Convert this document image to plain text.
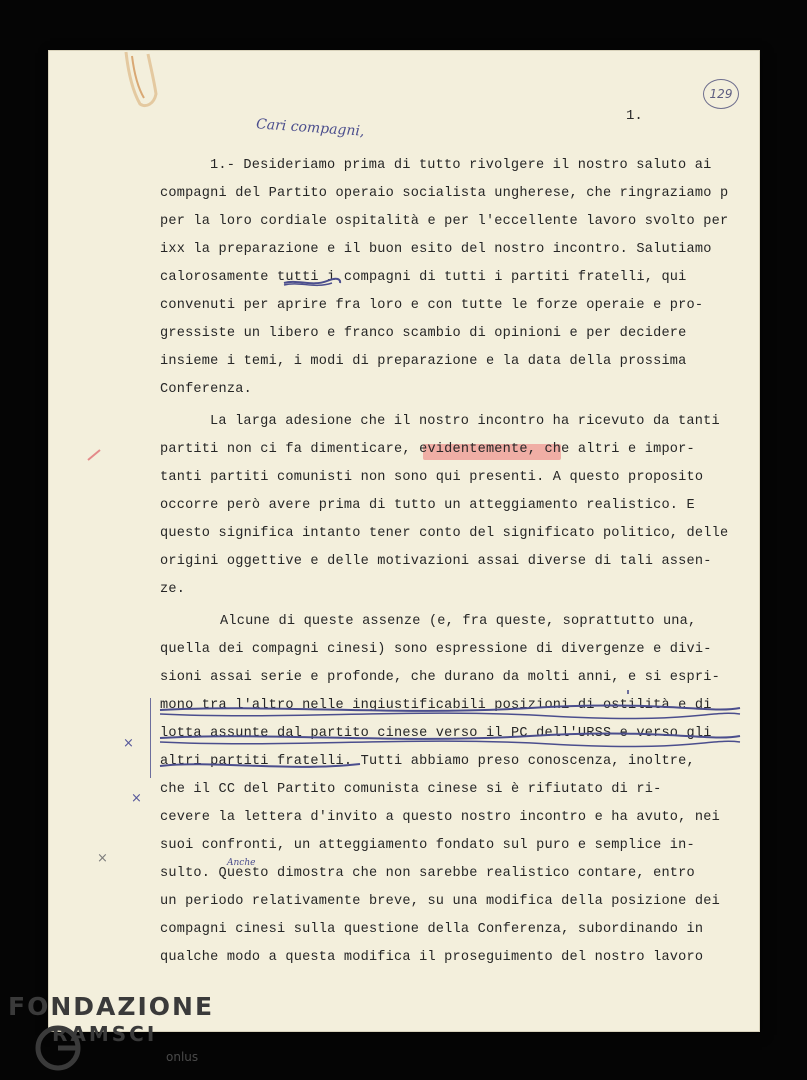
129
Cari compagni,
1.
1.- Desideriamo prima di tutto rivolgere il nostro saluto ai
compagni del Partito operaio socialista ungherese, che ringraziamo p
per la loro cordiale ospitalità e per l'eccellente lavoro svolto per
ixx la preparazione e il buon esito del nostro incontro. Salutiamo
calorosamente tutti i compagni di tutti i partiti fratelli, qui
convenuti per aprire fra loro e con tutte le forze operaie e pro-
gressiste un libero e franco scambio di opinioni e per decidere
insieme i temi, i modi di preparazione e la data della prossima
Conferenza.
La larga adesione che il nostro incontro ha ricevuto da tanti
partiti non ci fa dimenticare, evidentemente, che altri e impor-
tanti partiti comunisti non sono qui presenti. A questo proposito
occorre però avere prima di tutto un atteggiamento realistico. E
questo significa intanto tener conto del significato politico, delle
origini oggettive e delle motivazioni assai diverse di tali assen-
ze.
Alcune di queste assenze (e, fra queste, soprattutto una,
quella dei compagni cinesi) sono espressione di divergenze e divi-
sioni assai serie e profonde, che durano da molti anni, e si espri-
mono tra l'altro nelle ingiustificabili posizioni di ostilità e di
lotta assunte dal partito cinese verso il PC dell'URSS e verso gli
altri partiti fratelli. Tutti abbiamo preso conoscenza, inoltre,
che il CC del Partito comunista cinese si è rifiutato di ri-
cevere la lettera d'invito a questo nostro incontro e ha avuto, nei
suoi confronti, un atteggiamento fondato sul puro e semplice in-
sulto. Questo dimostra che non sarebbe realistico contare, entro
un periodo relativamente breve, su una modifica della posizione dei
compagni cinesi sulla questione della Conferenza, subordinando in
qualche modo a questa modifica il proseguimento del nostro lavoro
×
×
×	Anche
FONDAZIONE
RAMSCI
onlus
